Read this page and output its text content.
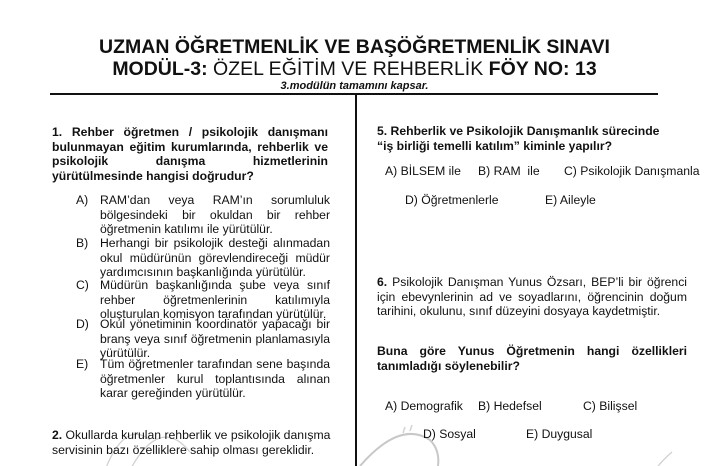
UZMAN ÖĞRETMENLİK VE BAŞÖĞRETMENLİK SINAVI
MODÜL-3: ÖZEL EĞİTİM VE REHBERLİK FÖY NO: 13
3.modülün tamamını kapsar.
1. Rehber öğretmen / psikolojik danışmanı bulunmayan eğitim kurumlarında, rehberlik ve psikolojik danışma hizmetlerinin yürütülmesinde hangisi doğrudur?
A) RAM’dan veya RAM’ın sorumluluk bölgesindeki bir okuldan bir rehber öğretmenin katılımı ile yürütülür.
B) Herhangi bir psikolojik desteği alınmadan okul müdürünün görevlendireceği müdür yardımcısının başkanlığında yürütülür.
C) Müdürün başkanlığında şube veya sınıf rehber öğretmenlerinin katılımıyla oluşturulan komisyon tarafından yürütülür.
D) Okul yönetiminin koordinatör yapacağı bir branş veya sınıf öğretmenin planlamasıyla yürütülür.
E) Tüm öğretmenler tarafından sene başında öğretmenler kurul toplantısında alınan karar gereğinden yürütülür.
2. Okullarda kurulan rehberlik ve psikolojik danışma servisinin bazı özelliklere sahip olması gereklidir.
5. Rehberlik ve Psikolojik Danışmanlık sürecinde
“iş birliği temelli katılım” kiminle yapılır?
A) BİLSEM ile B) RAM  ile C) Psikolojik Danışmanla
D) Öğretmenlerle	E) Aileyle
6. Psikolojik Danışman Yunus Özsarı, BEP’li bir öğrenci için ebevynlerinin ad ve soyadlarını, öğrencinin doğum tarihini, okulunu, sınıf düzeyini dosyaya kaydetmiştir.
Buna göre Yunus Öğretmenin hangi özellikleri tanımladığı söylenebilir?
A) Demografik B) Hedefsel	C) Bilişsel
D) Sosyal	E) Duygusal
